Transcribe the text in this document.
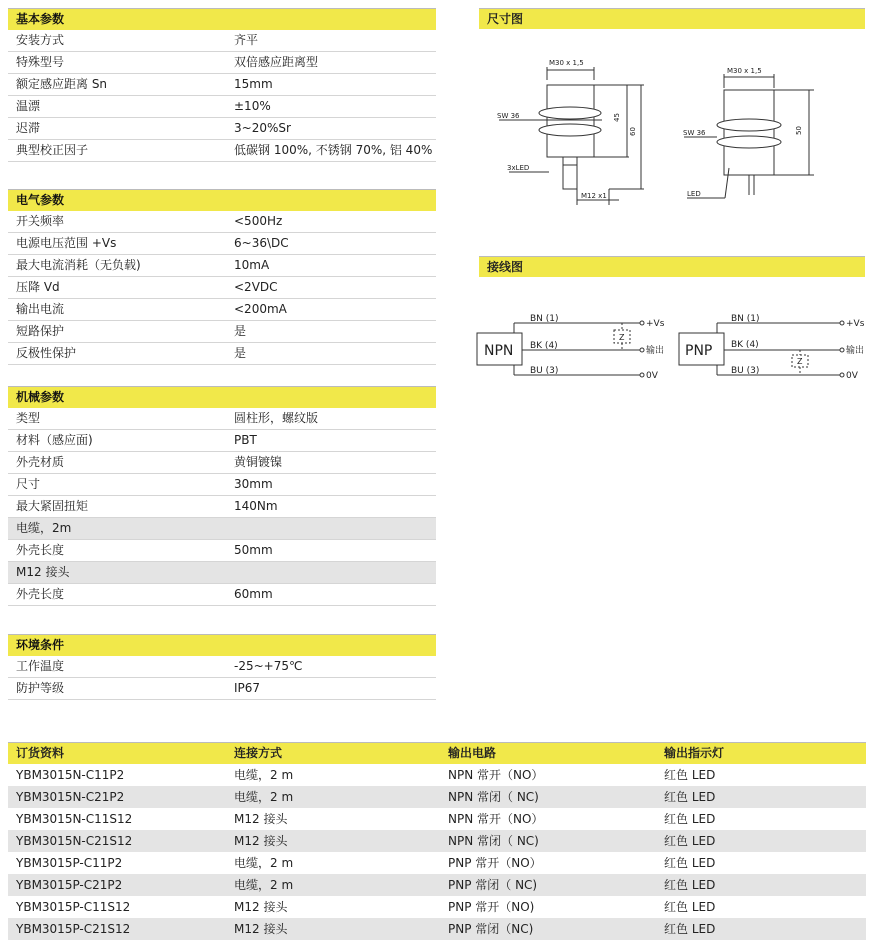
基本参数
安装方式	齐平
特殊型号	双倍感应距离型
额定感应距离 Sn	15mm
温漂	±10%
迟滞	3~20%Sr
典型校正因子	低碳钢 100%, 不锈钢 70%, 铝 40%
电气参数
开关频率	<500Hz
电源电压范围 +Vs	6~36\DC
最大电流消耗（无负载)	10mA
压降 Vd	<2VDC
输出电流	<200mA
短路保护	是
反极性保护	是
机械参数
类型	圆柱形，螺纹版
材料（感应面)	PBT
外壳材质	黄铜镀镍
尺寸	30mm
最大紧固扭矩	140Nm
电缆，2m
外壳长度	50mm
M12 接头
外壳长度	60mm
环境条件
工作温度	-25~+75℃
防护等级	IP67
尺寸图
M30 x 1,5
SW 36
3xLED
M12 x1
45
60
M30 x 1,5
SW 36
LED
50
接线图
NPN
BN (1)
BK (4)
BU (3)
Z
+Vs
输出
0V
PNP
BN (1)
BK (4)
BU (3)
Z
+Vs
输出
0V
订货资料	连接方式	输出电路	输出指示灯
YBM3015N-C11P2	电缆，2 m	NPN 常开（NO）	红色 LED
YBM3015N-C21P2	电缆，2 m	NPN 常闭（ NC)	红色 LED
YBM3015N-C11S12	M12 接头	NPN 常开（NO）	红色 LED
YBM3015N-C21S12	M12 接头	NPN 常闭（ NC)	红色 LED
YBM3015P-C11P2	电缆，2 m	PNP 常开（NO）	红色 LED
YBM3015P-C21P2	电缆，2 m	PNP 常闭（ NC)	红色 LED
YBM3015P-C11S12	M12 接头	PNP 常开（NO)	红色 LED
YBM3015P-C21S12	M12 接头	PNP 常闭（NC)	红色 LED
